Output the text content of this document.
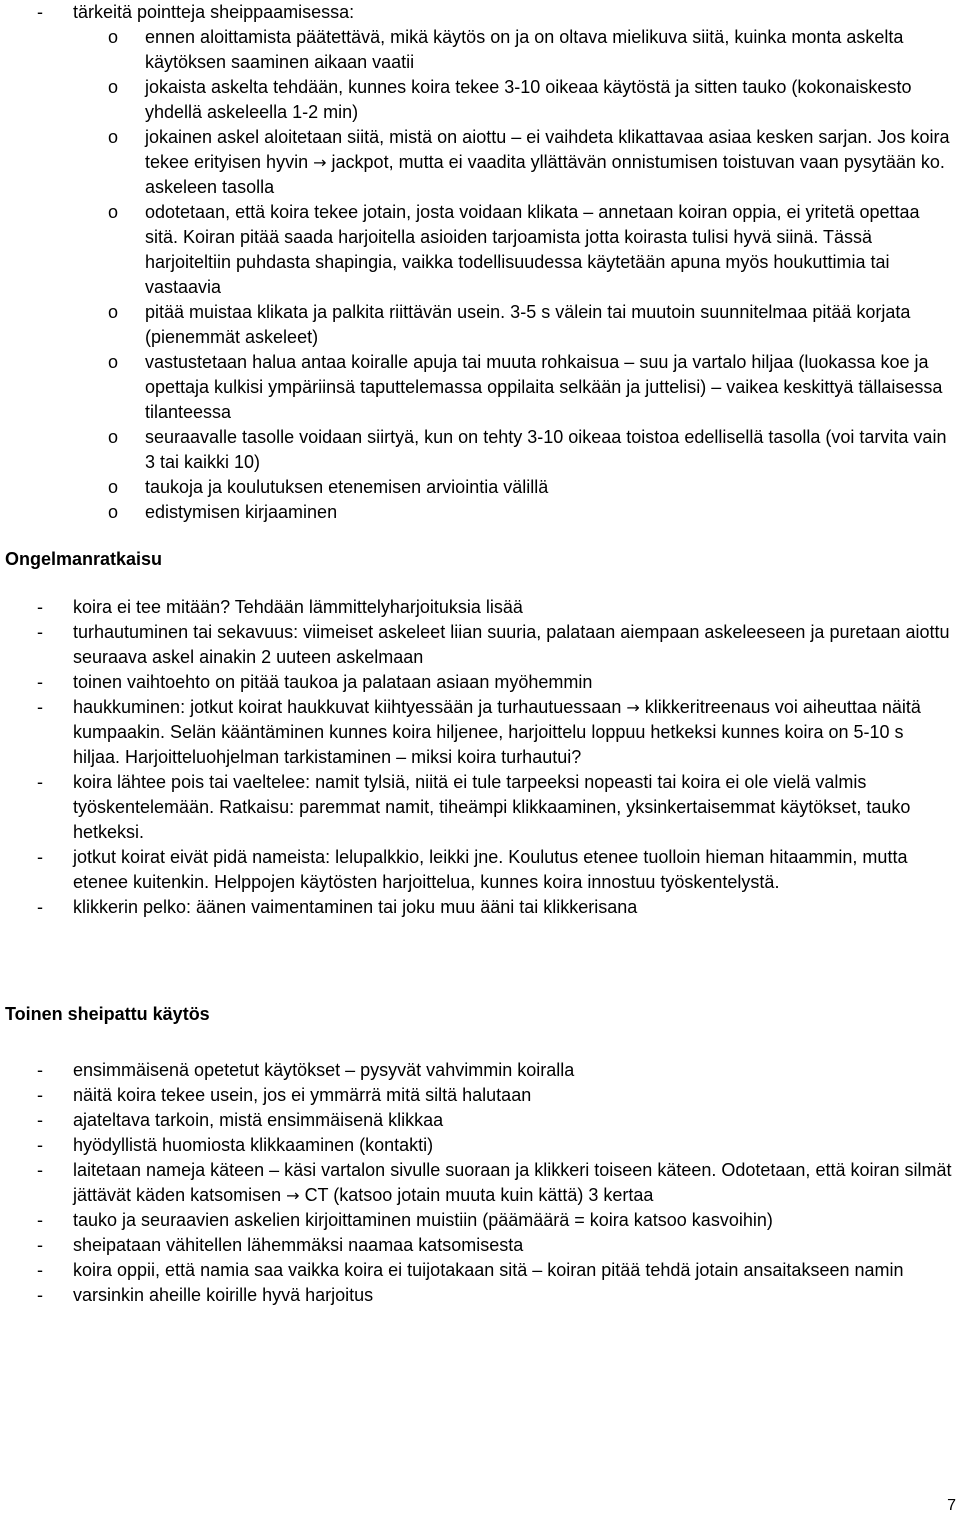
- tärkeitä pointteja sheippaamisessa:
o ennen aloittamista päätettävä, mikä käytös on ja on oltava mielikuva siitä, kuinka monta askelta käytöksen saaminen aikaan vaatii
o jokaista askelta tehdään, kunnes koira tekee 3-10 oikeaa käytöstä ja sitten tauko (kokonaiskesto yhdellä askeleella 1-2 min)
o jokainen askel aloitetaan siitä, mistä on aiottu – ei vaihdeta klikattavaa asiaa kesken sarjan. Jos koira tekee erityisen hyvin → jackpot, mutta ei vaadita yllättävän onnistumisen toistuvan vaan pysytään ko. askeleen tasolla
o odotetaan, että koira tekee jotain, josta voidaan klikata – annetaan koiran oppia, ei yritetä opettaa sitä. Koiran pitää saada harjoitella asioiden tarjoamista jotta koirasta tulisi hyvä siinä. Tässä harjoiteltiin puhdasta shapingia, vaikka todellisuudessa käytetään apuna myös houkuttimia tai vastaavia
o pitää muistaa klikata ja palkita riittävän usein. 3-5 s välein tai muutoin suunnitelmaa pitää korjata (pienemmät askeleet)
o vastustetaan halua antaa koiralle apuja tai muuta rohkaisua – suu ja vartalo hiljaa (luokassa koe ja opettaja kulkisi ympäriinsä taputtelemassa oppilaita selkään ja juttelisi) – vaikea keskittyä tällaisessa tilanteessa
o seuraavalle tasolle voidaan siirtyä, kun on tehty 3-10 oikeaa toistoa edellisellä tasolla (voi tarvita vain 3 tai kaikki 10)
o taukoja ja koulutuksen etenemisen arviointia välillä
o edistymisen kirjaaminen
Ongelmanratkaisu
- koira ei tee mitään? Tehdään lämmittelyharjoituksia lisää
- turhautuminen tai sekavuus: viimeiset askeleet liian suuria, palataan aiempaan askeleeseen ja puretaan aiottu seuraava askel ainakin 2 uuteen askelmaan
- toinen vaihtoehto on pitää taukoa ja palataan asiaan myöhemmin
- haukkuminen: jotkut koirat haukkuvat kiihtyessään ja turhautuessaan → klikkeritreenaus voi aiheuttaa näitä kumpaakin. Selän kääntäminen kunnes koira hiljenee, harjoittelu loppuu hetkeksi kunnes koira on 5-10 s hiljaa. Harjoitteluohjelman tarkistaminen – miksi koira turhautui?
- koira lähtee pois tai vaeltelee: namit tylsiä, niitä ei tule tarpeeksi nopeasti tai koira ei ole vielä valmis työskentelemään. Ratkaisu: paremmat namit, tiheämpi klikkaaminen, yksinkertaisemmat käytökset, tauko hetkeksi.
- jotkut koirat eivät pidä nameista: lelupalkkio, leikki jne. Koulutus etenee tuolloin hieman hitaammin, mutta etenee kuitenkin. Helppojen käytösten harjoittelua, kunnes koira innostuu työskentelystä.
- klikkerin pelko: äänen vaimentaminen tai joku muu ääni tai klikkerisana
Toinen sheipattu käytös
- ensimmäisenä opetetut käytökset – pysyvät vahvimmin koiralla
- näitä koira tekee usein, jos ei ymmärrä mitä siltä halutaan
- ajateltava tarkoin, mistä ensimmäisenä klikkaa
- hyödyllistä huomiosta klikkaaminen (kontakti)
- laitetaan nameja käteen – käsi vartalon sivulle suoraan ja klikkeri toiseen käteen. Odotetaan, että koiran silmät jättävät käden katsomisen → CT (katsoo jotain muuta kuin kättä) 3 kertaa
- tauko ja seuraavien askelien kirjoittaminen muistiin (päämäärä = koira katsoo kasvoihin)
- sheipataan vähitellen lähemmäksi naamaa katsomisesta
- koira oppii, että namia saa vaikka koira ei tuijotakaan sitä – koiran pitää tehdä jotain ansaitakseen namin
- varsinkin aheille koirille hyvä harjoitus
7
